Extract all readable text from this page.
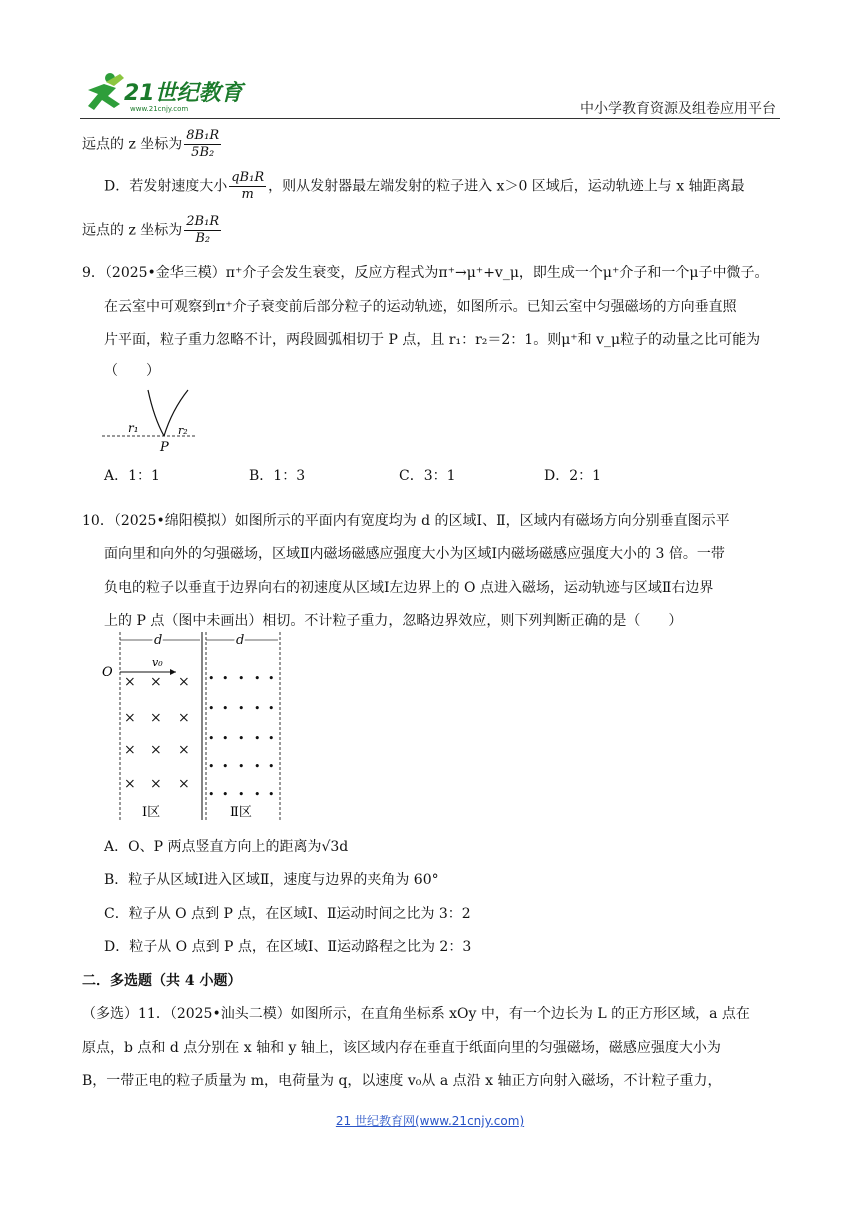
21世纪教育
www.21cnjy.com	中小学教育资源及组卷应用平台
远点的 z 坐标为 $\frac{\text{8B₁R}}{\text{5B₂}}$
D．若发射速度大小 $\frac{\text{qB₁R}}{m}$ ，则从发射器最左端发射的粒子进入 x＞0 区域后，运动轨迹上与 x 轴距离最
远点的 z 坐标为 $\frac{\text{2B₁R}}{\text{B₂}}$
9．（2025•金华三模）π⁺介子会发生衰变，反应方程式为π⁺→μ⁺+v_μ，即生成一个μ⁺介子和一个μ子中微子。
在云室中可观察到π⁺介子衰变前后部分粒子的运动轨迹，如图所示。已知云室中匀强磁场的方向垂直照
片平面，粒子重力忽略不计，两段圆弧相切于 P 点，且 r₁：r₂＝2：1。则μ⁺和 v_μ粒子的动量之比可能为
（　　）
r₁	r₂
P
A．1：1	B．1：3	C．3：1	D．2：1
10．（2025•绵阳模拟）如图所示的平面内有宽度均为 d 的区域Ⅰ、Ⅱ，区域内有磁场方向分别垂直图示平
面向里和向外的匀强磁场，区域Ⅱ内磁场磁感应强度大小为区域Ⅰ内磁场磁感应强度大小的 3 倍。一带
负电的粒子以垂直于边界向右的初速度从区域Ⅰ左边界上的 O 点进入磁场，运动轨迹与区域Ⅱ右边界
上的 P 点（图中未画出）相切。不计粒子重力，忽略边界效应，则下列判断正确的是（　　）
d	d
O
v₀
× × ×
× × ×
× × ×
× × ×
• • • • •
• • • • •
• • • • •
• • • • •
• • • • •
Ⅰ区	Ⅱ区
A．O、P 两点竖直方向上的距离为√3d
B．粒子从区域Ⅰ进入区域Ⅱ，速度与边界的夹角为 60°
C．粒子从 O 点到 P 点，在区域Ⅰ、Ⅱ运动时间之比为 3：2
D．粒子从 O 点到 P 点，在区域Ⅰ、Ⅱ运动路程之比为 2：3
二．多选题（共 4 小题）
（多选）11．（2025•汕头二模）如图所示，在直角坐标系 xOy 中，有一个边长为 L 的正方形区域，a 点在
原点，b 点和 d 点分别在 x 轴和 y 轴上，该区域内存在垂直于纸面向里的匀强磁场，磁感应强度大小为
B，一带正电的粒子质量为 m，电荷量为 q，以速度 v₀从 a 点沿 x 轴正方向射入磁场，不计粒子重力，
21 世纪教育网(www.21cnjy.com)
